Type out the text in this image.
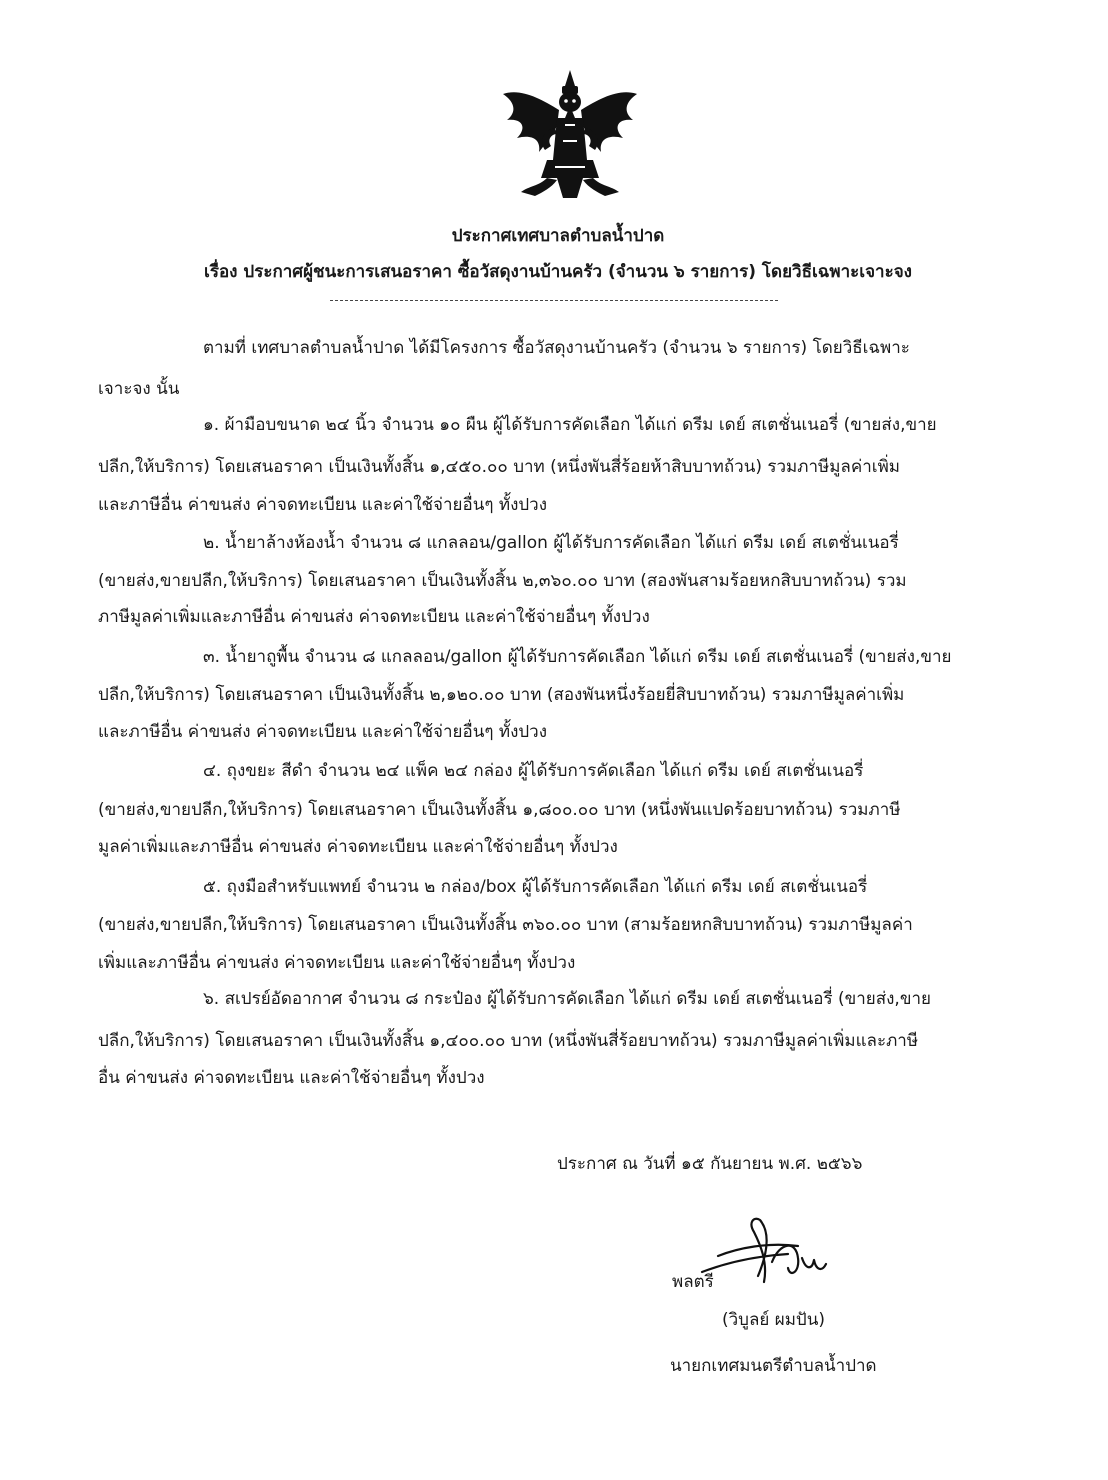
ประกาศเทศบาลตำบลน้ำปาด
เรื่อง ประกาศผู้ชนะการเสนอราคา ซื้อวัสดุงานบ้านครัว (จำนวน ๖ รายการ) โดยวิธีเฉพาะเจาะจง
ตามที่ เทศบาลตำบลน้ำปาด ได้มีโครงการ ซื้อวัสดุงานบ้านครัว (จำนวน ๖ รายการ) โดยวิธีเฉพาะ
เจาะจง นั้น
๑. ผ้ามือบขนาด ๒๔ นิ้ว จำนวน ๑๐ ผืน ผู้ได้รับการคัดเลือก ได้แก่ ดรีม เดย์ สเตชั่นเนอรี่ (ขายส่ง,ขาย
ปลีก,ให้บริการ) โดยเสนอราคา เป็นเงินทั้งสิ้น ๑,๔๕๐.๐๐ บาท (หนึ่งพันสี่ร้อยห้าสิบบาทถ้วน) รวมภาษีมูลค่าเพิ่ม
และภาษีอื่น ค่าขนส่ง ค่าจดทะเบียน และค่าใช้จ่ายอื่นๆ ทั้งปวง
๒. น้ำยาล้างห้องน้ำ จำนวน ๘ แกลลอน/gallon ผู้ได้รับการคัดเลือก ได้แก่ ดรีม เดย์ สเตชั่นเนอรี่
(ขายส่ง,ขายปลีก,ให้บริการ) โดยเสนอราคา เป็นเงินทั้งสิ้น ๒,๓๖๐.๐๐ บาท (สองพันสามร้อยหกสิบบาทถ้วน) รวม
ภาษีมูลค่าเพิ่มและภาษีอื่น ค่าขนส่ง ค่าจดทะเบียน และค่าใช้จ่ายอื่นๆ ทั้งปวง
๓. น้ำยาถูพื้น จำนวน ๘ แกลลอน/gallon ผู้ได้รับการคัดเลือก ได้แก่ ดรีม เดย์ สเตชั่นเนอรี่ (ขายส่ง,ขาย
ปลีก,ให้บริการ) โดยเสนอราคา เป็นเงินทั้งสิ้น ๒,๑๒๐.๐๐ บาท (สองพันหนึ่งร้อยยี่สิบบาทถ้วน) รวมภาษีมูลค่าเพิ่ม
และภาษีอื่น ค่าขนส่ง ค่าจดทะเบียน และค่าใช้จ่ายอื่นๆ ทั้งปวง
๔. ถุงขยะ สีดำ จำนวน ๒๔ แพ็ค ๒๔ กล่อง ผู้ได้รับการคัดเลือก ได้แก่ ดรีม เดย์ สเตชั่นเนอรี่
(ขายส่ง,ขายปลีก,ให้บริการ) โดยเสนอราคา เป็นเงินทั้งสิ้น ๑,๘๐๐.๐๐ บาท (หนึ่งพันแปดร้อยบาทถ้วน) รวมภาษี
มูลค่าเพิ่มและภาษีอื่น ค่าขนส่ง ค่าจดทะเบียน และค่าใช้จ่ายอื่นๆ ทั้งปวง
๕. ถุงมือสำหรับแพทย์ จำนวน ๒ กล่อง/box ผู้ได้รับการคัดเลือก ได้แก่ ดรีม เดย์ สเตชั่นเนอรี่
(ขายส่ง,ขายปลีก,ให้บริการ) โดยเสนอราคา เป็นเงินทั้งสิ้น ๓๖๐.๐๐ บาท (สามร้อยหกสิบบาทถ้วน) รวมภาษีมูลค่า
เพิ่มและภาษีอื่น ค่าขนส่ง ค่าจดทะเบียน และค่าใช้จ่ายอื่นๆ ทั้งปวง
๖. สเปรย์อัดอากาศ จำนวน ๘ กระป๋อง ผู้ได้รับการคัดเลือก ได้แก่ ดรีม เดย์ สเตชั่นเนอรี่ (ขายส่ง,ขาย
ปลีก,ให้บริการ) โดยเสนอราคา เป็นเงินทั้งสิ้น ๑,๔๐๐.๐๐ บาท (หนึ่งพันสี่ร้อยบาทถ้วน) รวมภาษีมูลค่าเพิ่มและภาษี
อื่น ค่าขนส่ง ค่าจดทะเบียน และค่าใช้จ่ายอื่นๆ ทั้งปวง
ประกาศ ณ วันที่ ๑๕ กันยายน พ.ศ. ๒๕๖๖
พลตรี
(วิบูลย์ ผมปัน)
นายกเทศมนตรีตำบลน้ำปาด
